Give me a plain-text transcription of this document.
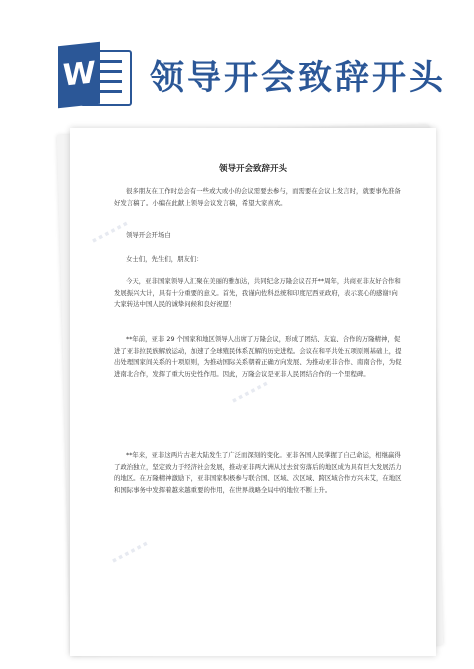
W 领导开会致辞开头
领导开会致辞开头
很多朋友在工作时总会有一些或大或小的会议需要去参与，而需要在会议上发言时，就要事先准备好发言稿了。小编在此献上领导会议发言稿，希望大家喜欢。
领导开会开场白
女士们，先生们，朋友们：
今天，亚非国家领导人汇聚在美丽的雅加达，共同纪念万隆会议召开**周年，共商亚非友好合作和发展振兴大计，具有十分重要的意义。首先，我谨向佐科总统和印度尼西亚政府，表示衷心的感谢!向大家转达中国人民的诚挚问候和良好祝愿！
**年前，亚非 29 个国家和地区领导人出席了万隆会议，形成了团结、友谊、合作的万隆精神，促进了亚非拉民族解放运动，加速了全球殖民体系瓦解的历史进程。会议在和平共处五项原则基础上，提出处理国家间关系的十项原则，为推动国际关系朝着正确方向发展、为推动亚非合作、南南合作，为促进南北合作，发挥了重大历史性作用。因此，万隆会议是亚非人民团结合作的一个里程碑。
**年来，亚非这两片古老大陆发生了广泛而深刻的变化。亚非各国人民掌握了自己命运，相继赢得了政治独立，坚定致力于经济社会发展，推动亚非两大洲从过去贫穷落后的地区成为具有巨大发展活力的地区。在万隆精神激励下，亚非国家积极参与联合国、区域、次区域、跨区域合作方兴未艾，在地区和国际事务中发挥着越来越重要的作用，在世界战略全局中的地位不断上升。
▪ ▪ ▪ ▪ ▪ ▪
▪ ▪ ▪ ▪ ▪ ▪
▪ ▪ ▪ ▪ ▪ ▪
